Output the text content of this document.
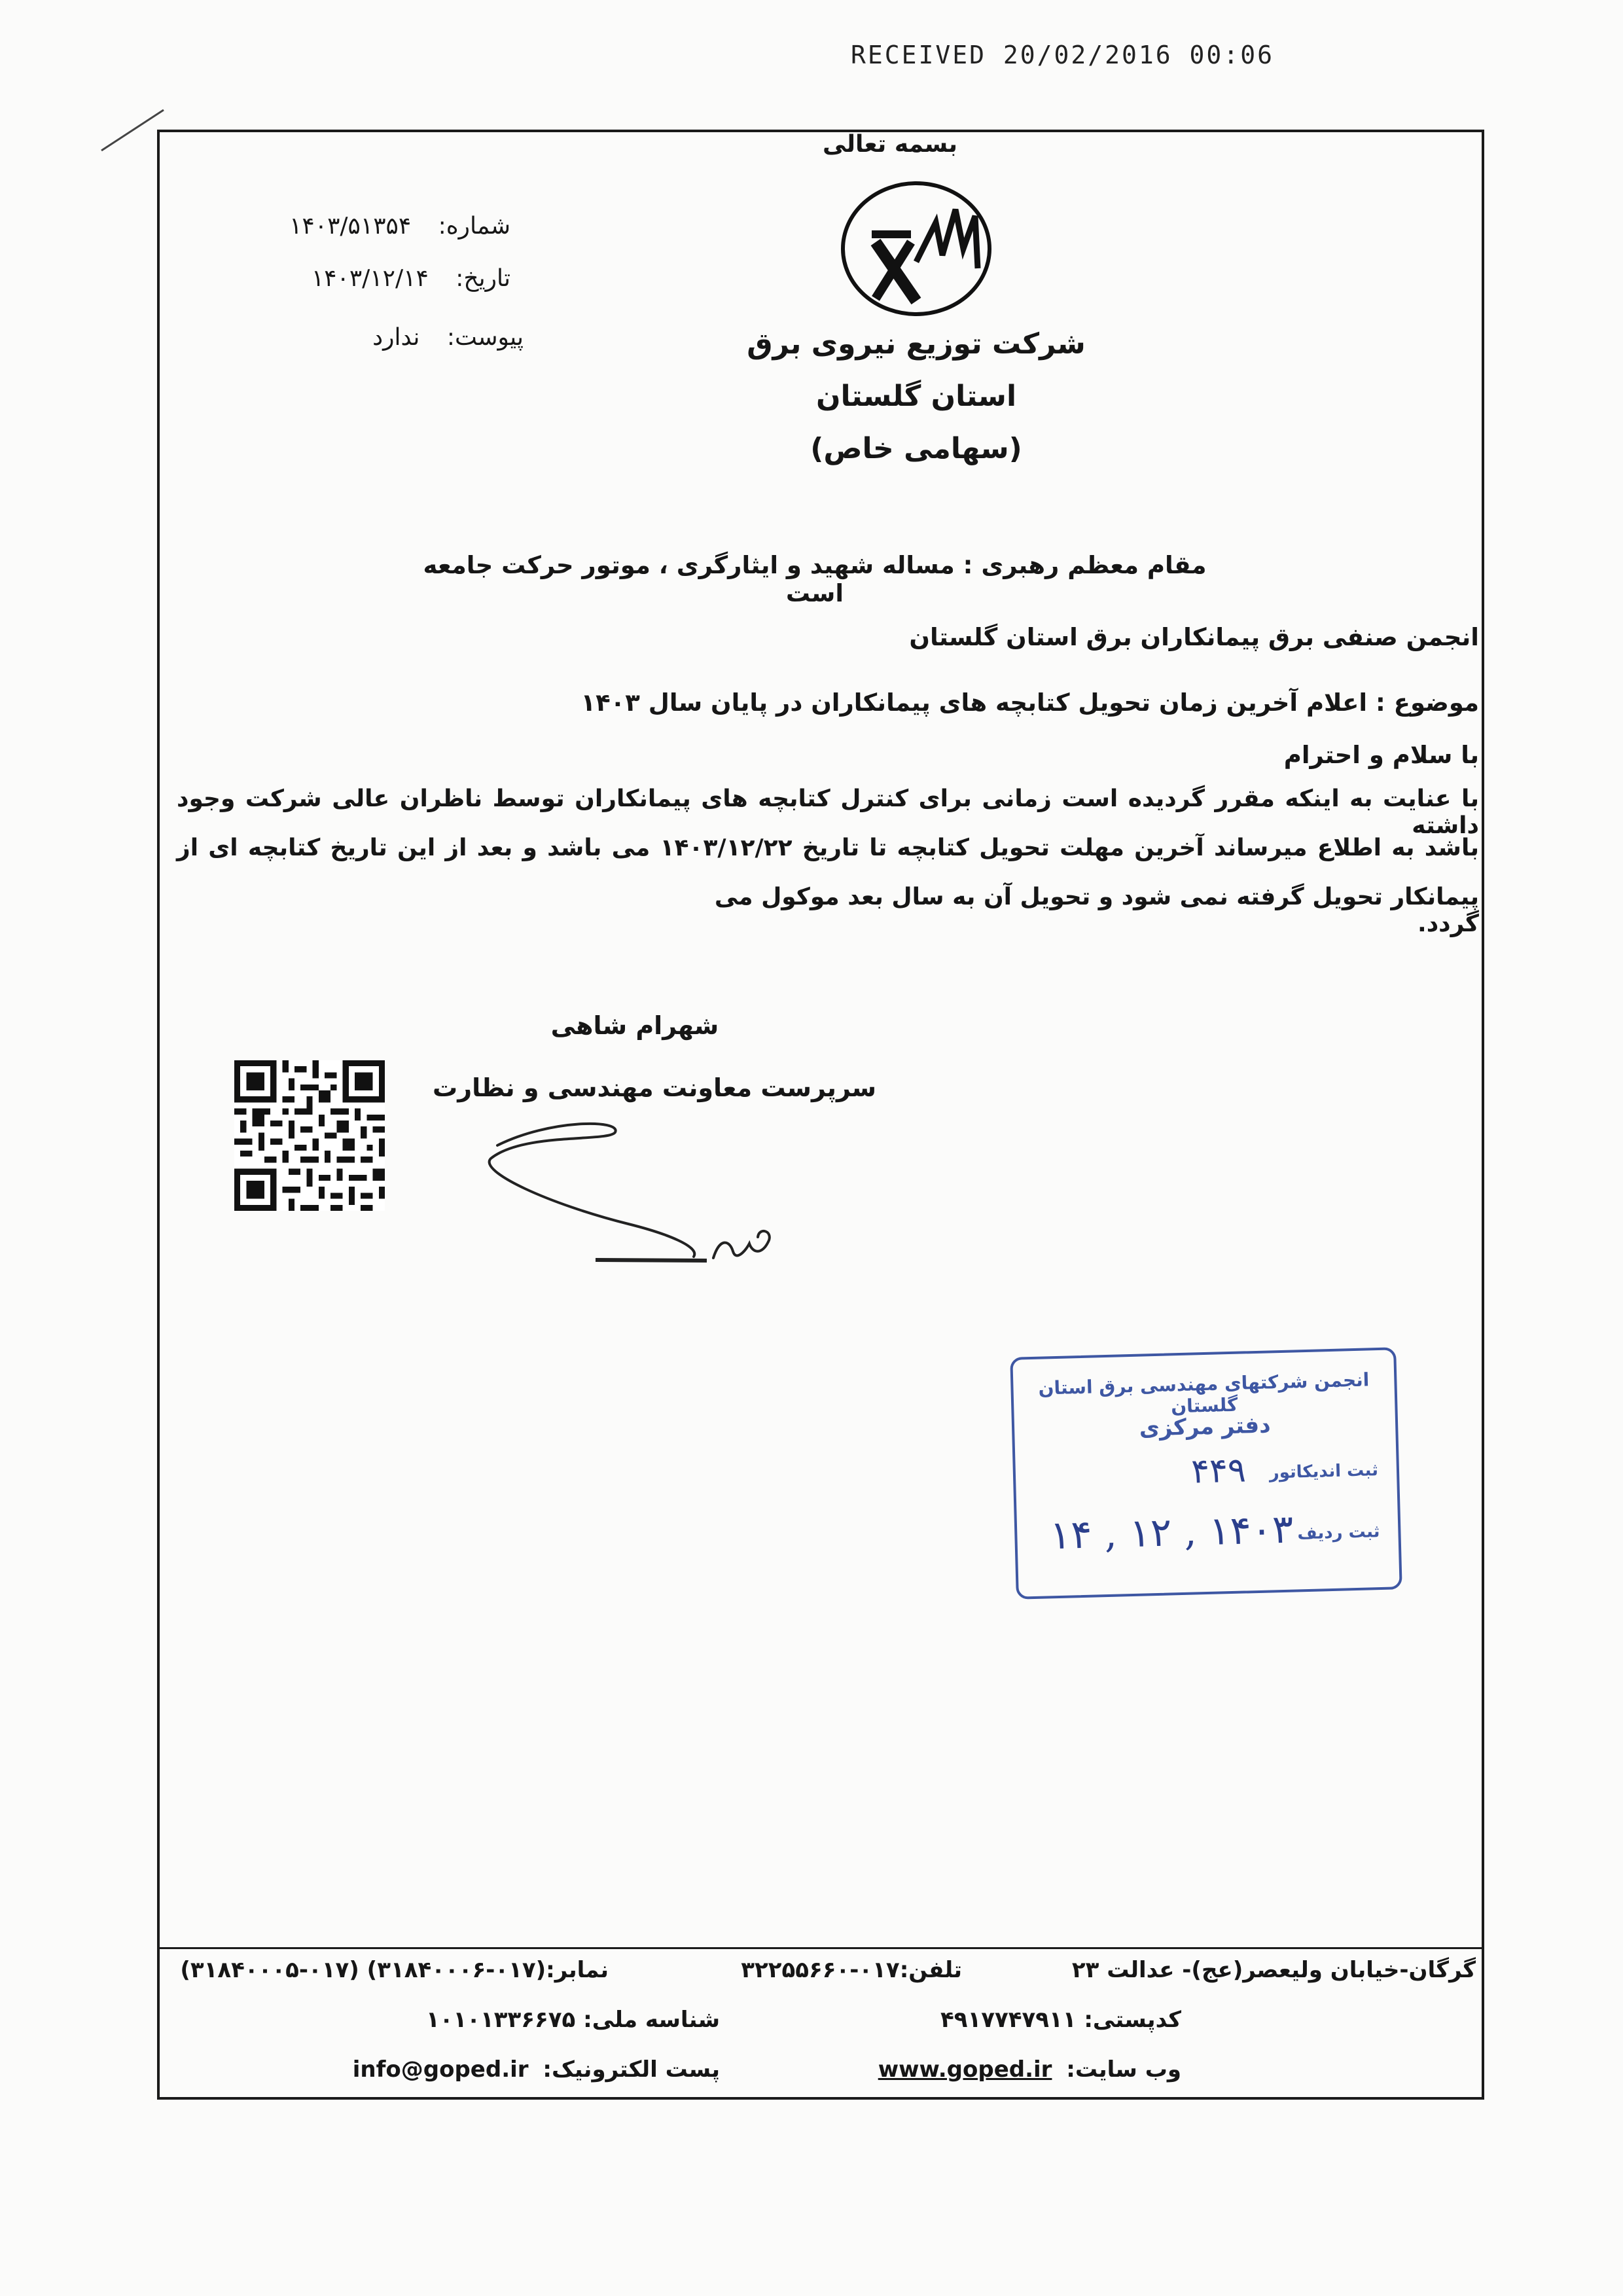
RECEIVED 20/02/2016 00:06
بسمه تعالی
شرکت توزیع نیروی برق
استان گلستان
(سهامی خاص)
شماره: ۱۴۰۳/۵۱۳۵۴
تاریخ: ۱۴۰۳/۱۲/۱۴
پیوست: ندارد
مقام معظم رهبری : مساله شهید و ایثارگری ، موتور حرکت جامعه است
انجمن صنفی برق پیمانکاران برق استان گلستان
موضوع : اعلام آخرین زمان تحویل کتابچه های پیمانکاران در پایان سال ۱۴۰۳
با سلام و احترام
با عنایت به اینکه مقرر گردیده است زمانی برای کنترل کتابچه های پیمانکاران توسط ناظران عالی شرکت وجود داشته
باشد به اطلاع میرساند آخرین مهلت تحویل کتابچه تا تاریخ ۱۴۰۳/۱۲/۲۲ می باشد و بعد از این تاریخ کتابچه ای از
پیمانکار تحویل گرفته نمی شود و تحویل آن به سال بعد موکول می گردد.
شهرام شاهی
سرپرست معاونت مهندسی و نظارت
انجمن شرکتهای مهندسی برق استان گلستان
دفتر مرکزی
ثبت اندیکاتور
۴۴۹
ثبت ردیف
۱۴۰۳ , ۱۲ , ۱۴
گرگان-خیابان ولیعصر(عج)- عدالت ۲۳
تلفن:۰۱۷-۳۲۲۵۵۶۶۰
نمابر:(۰۱۷-۳۱۸۴۰۰۰۶) (۰۱۷-۳۱۸۴۰۰۰۵)
کدپستی: ۴۹۱۷۷۴۷۹۱۱
شناسه ملی: ۱۰۱۰۱۳۳۶۶۷۵
وب سایت: www.goped.ir
پست الکترونیک: info@goped.ir
